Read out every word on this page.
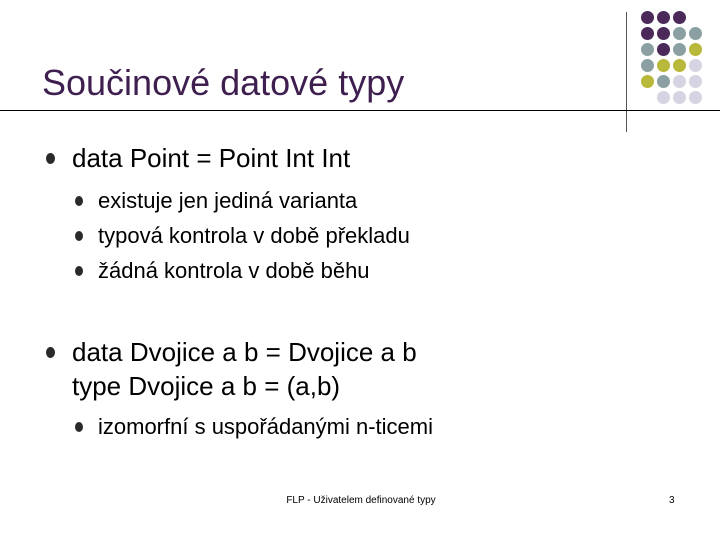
Součinové datové typy
data Point = Point Int Int
existuje jen jediná varianta
typová kontrola v době překladu
žádná kontrola v době běhu
data Dvojice a b = Dvojice a b
type Dvojice a b = (a,b)
izomorfní s uspořádanými n-ticemi
FLP - Uživatelem definované typy	3
